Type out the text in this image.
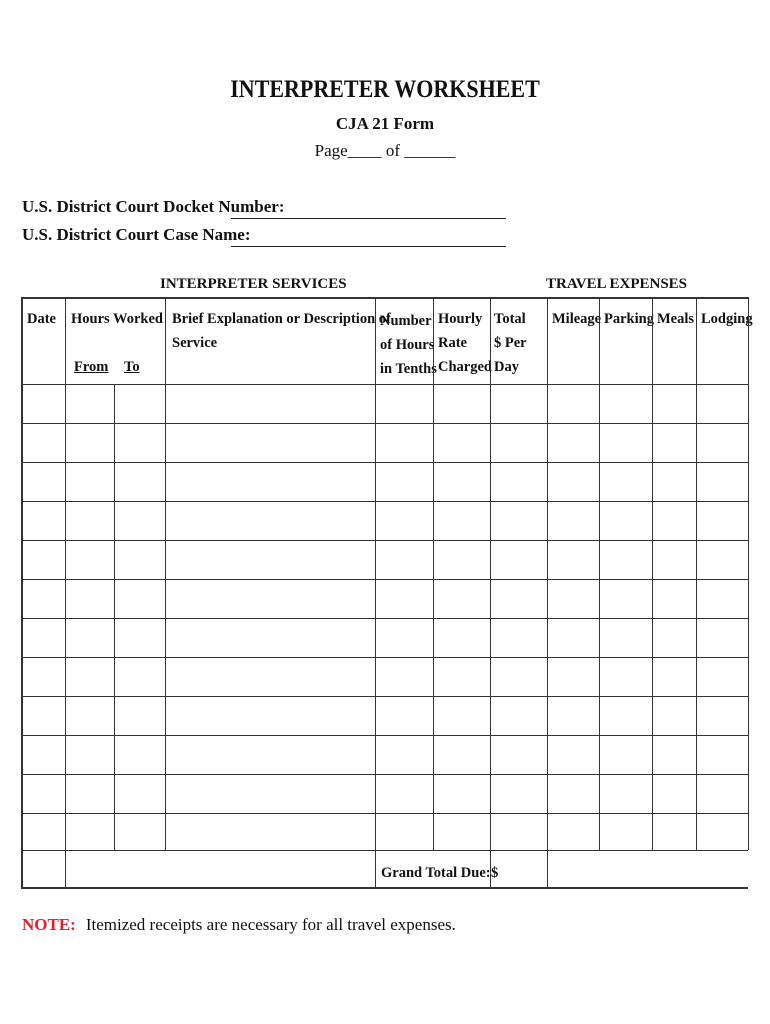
INTERPRETER WORKSHEET
CJA 21 Form
Page____ of ______
U.S. District Court Docket Number:
U.S. District Court Case Name:
INTERPRETER SERVICES	TRAVEL EXPENSES
Date Hours Worked
From To
Brief Explanation or Description of
Service
Number
of Hours
in Tenths
Hourly
Rate
Charged
Total
$ Per
Day
Mileage Parking Meals Lodging
Grand Total Due: $
NOTE: Itemized receipts are necessary for all travel expenses.
